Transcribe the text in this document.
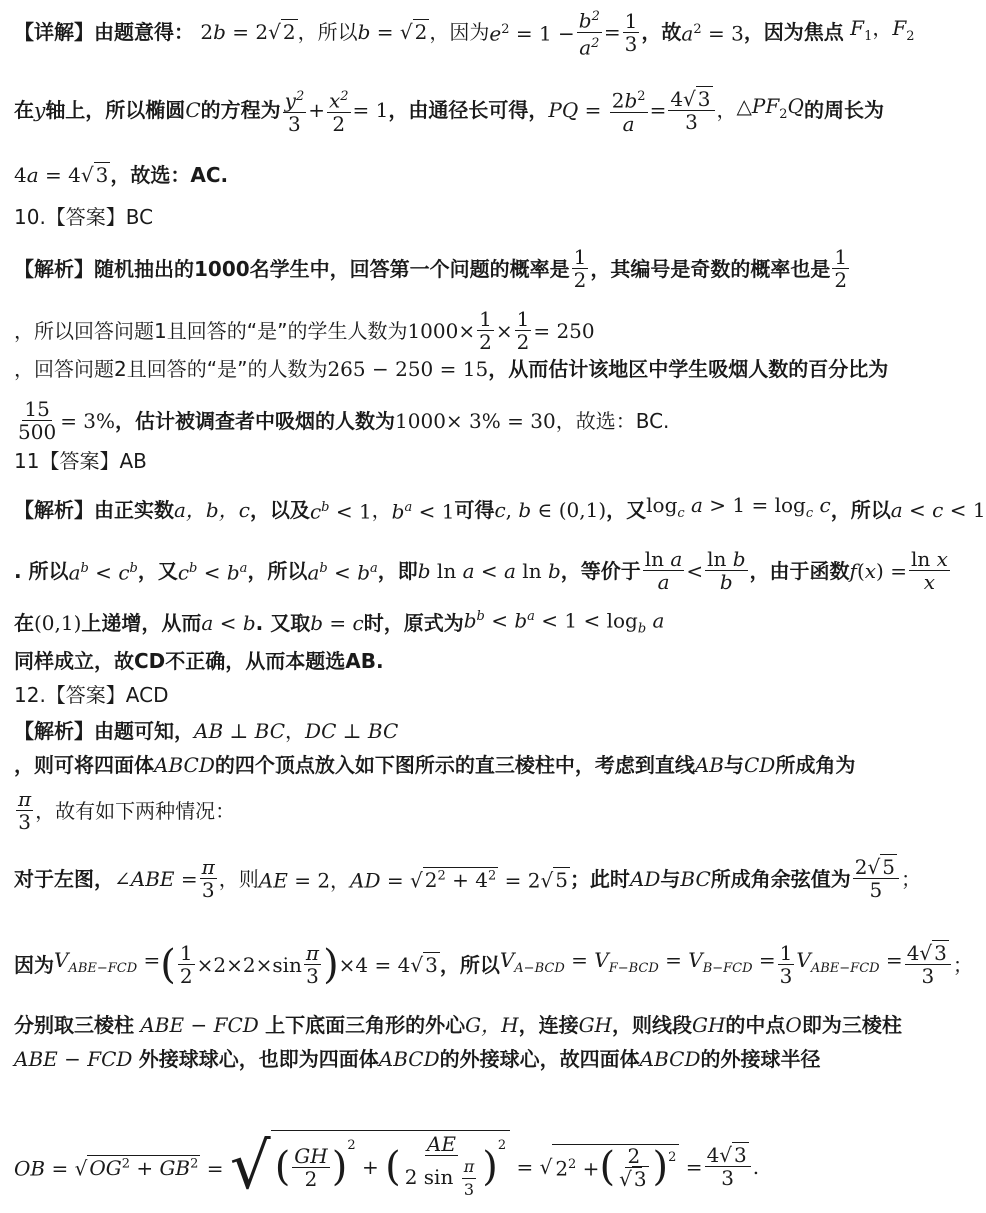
【详解】 由题意得： 2b = 2√ 2 ，所以 b = √ 2 ，因为 $e^2 = 1 - \frac{b^2}{a^2} = \frac{1}{3}$ ，故 $a^2 = 3$ ，因为焦点 $F_1$，$F_2$
在 y 轴上，所以椭圆 C 的方程为 $\frac{y^2}{3} + \frac{x^2}{2} = 1$ ，由通径长可得， PQ = $\frac{2b^2}{a} = \frac{4√ 3}{3}$ ， $\triangle PF_2Q$ 的周长为
4a = 4√ 3 ，故选：AC.
10.【答案】BC
【解析】 随机抽出的1000名学生中，回答第一个问题的概率是 $\frac{1}{2}$ ，其编号是奇数的概率也是 $\frac{1}{2}$
，所以回答问题1且回答的“是”的学生人数为 $1000\times \frac{1}{2} \times \frac{1}{2} = 250$
，回答问题2且回答的“是”的人数为 265 − 250 = 15 ，从而估计该地区中学生吸烟人数的百分比为
$\frac{15}{500} = 3\%$ ，估计被调查者中吸烟的人数为 1000× 3% = 30 ，故选：BC.
11【答案】AB
【解析】 由正实数 a，b，c ，以及 $c^b < 1$ ， $b^a < 1$ 可得 c, b ∈ (0,1) ，又 $\log_c a > 1 = \log_c c$ ，所以 a < c < 1
. 所以 $a^b < c^b$ ，又 $c^b < b^a$ ，所以 $a^b < b^a$ ，即 b ln a < a ln b ，等价于 $\frac{\text{ln a}}{a} < \frac{\text{ln b}}{b}$ ，由于函数 $f(x) = \frac{\text{ln x}}{x}$
在 (0,1) 上递增，从而 a < b . 又取 b = c 时，原式为 $b^b < b^a < 1 < \log_b a$
同样成立，故CD不正确，从而本题选AB.
12.【答案】ACD
【解析】 由题可知， AB ⊥ BC ， DC ⊥ BC
，则可将四面体 ABCD 的四个顶点放入如下图所示的直三棱柱中，考虑到直线 AB 与 CD 所成角为
$\frac{\pi}{3}$ ，故有如下两种情况：
对于左图， ∠ABE = $\frac{\pi}{3}$ ，则 AE = 2，AD = √ $2^2 + 4^2 = 2√$ 5 ；此时 AD 与 BC 所成角余弦值为 $\frac{2√ 5}{5}$ ；
因为 $V_{ABE-FCD}$ = ( $\frac{1}{2} \times 2\times 2\times\sin \frac{\pi}{3}$ ) ×4 = 4√ 3 ，所以 $V_{A-BCD} = V_{F-BCD} = V_{B-FCD} = \frac{1}{3} V_{ABE-FCD} = \frac{4√ 3}{3}$ ；
分别取三棱柱 ABE − FCD 上下底面三角形的外心 G，H ，连接 GH ，则线段 GH 的中点 O 即为三棱柱
ABE − FCD 外接球球心，也即为四面体 ABCD 的外接球心，故四面体 ABCD 的外接球半径
OB = √ $OG^2 + GB^2$ = √ ( $\frac{GH}{2} )^2$
+ ( $\frac{AE}{2 \sin \frac{\pi}{3}} )^2$
= √ $2^2$ + ( $\frac{2}{√ 3} )^2 = \frac{4√ 3}{3}$ .
